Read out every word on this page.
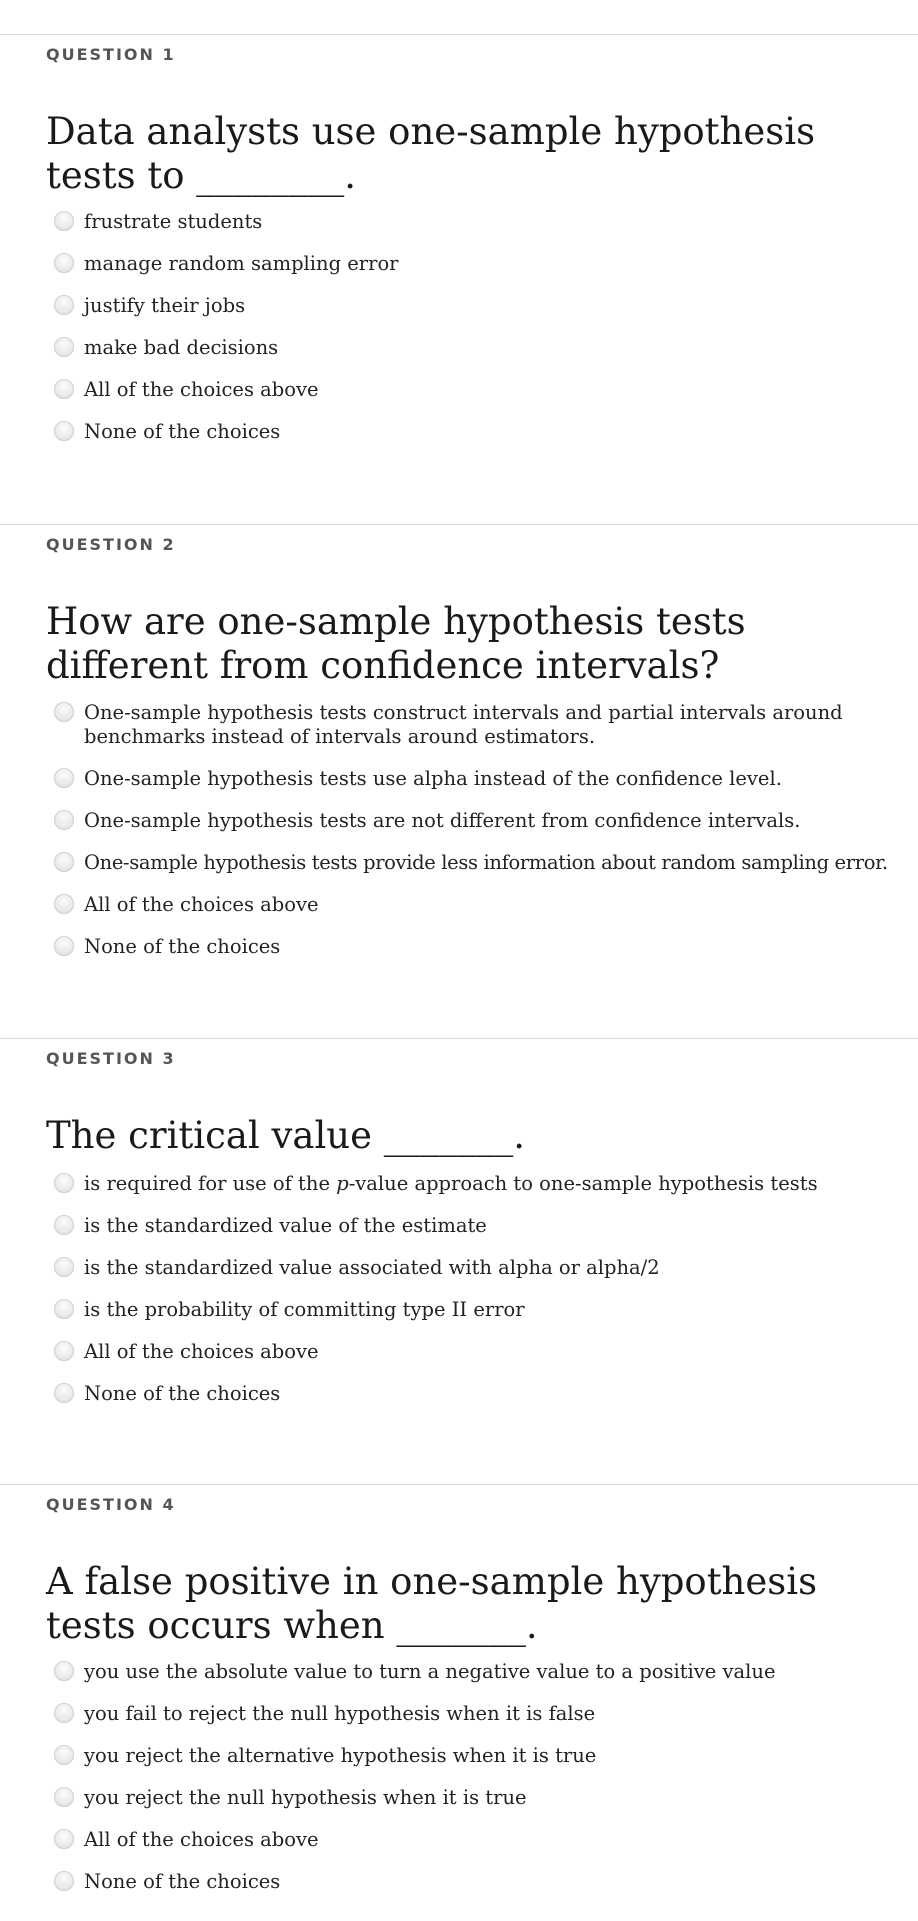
QUESTION 1
Data analysts use one-sample hypothesis tests to ________.
frustrate students
manage random sampling error
justify their jobs
make bad decisions
All of the choices above
None of the choices
QUESTION 2
How are one-sample hypothesis tests different from confidence intervals?
One-sample hypothesis tests construct intervals and partial intervals around benchmarks instead of intervals around estimators.
One-sample hypothesis tests use alpha instead of the confidence level.
One-sample hypothesis tests are not different from confidence intervals.
One-sample hypothesis tests provide less information about random sampling error.
All of the choices above
None of the choices
QUESTION 3
The critical value _______.
is required for use of the p-value approach to one-sample hypothesis tests
is the standardized value of the estimate
is the standardized value associated with alpha or alpha/2
is the probability of committing type II error
All of the choices above
None of the choices
QUESTION 4
A false positive in one-sample hypothesis tests occurs when _______.
you use the absolute value to turn a negative value to a positive value
you fail to reject the null hypothesis when it is false
you reject the alternative hypothesis when it is true
you reject the null hypothesis when it is true
All of the choices above
None of the choices
